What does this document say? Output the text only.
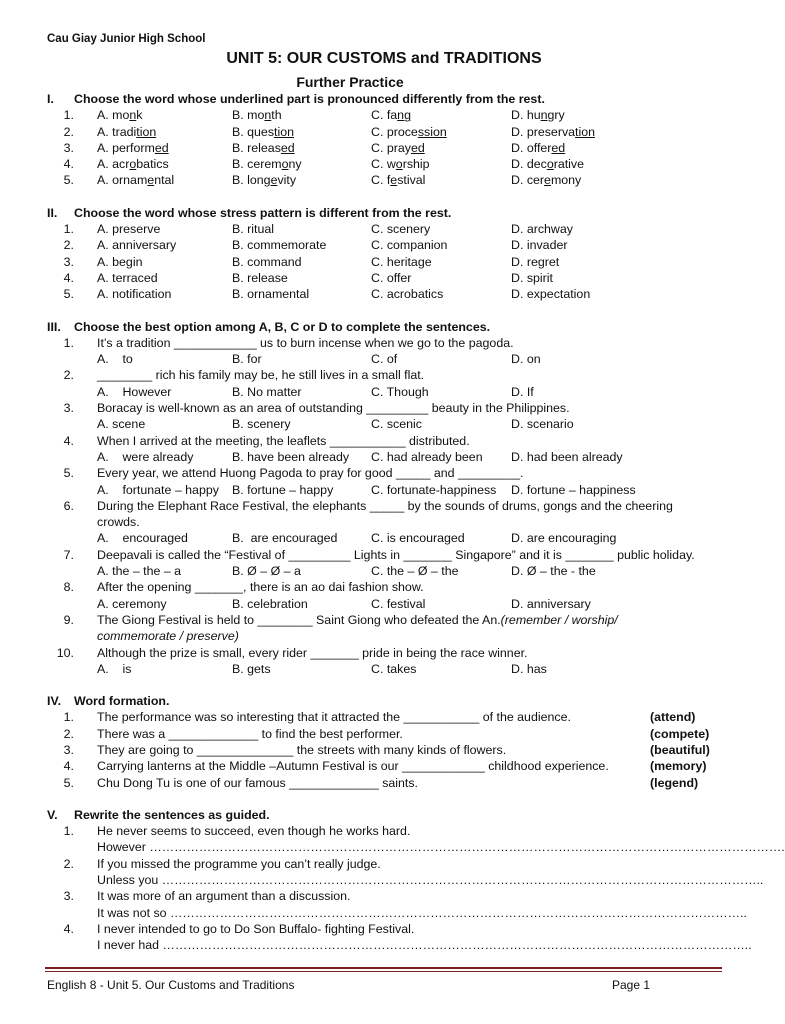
Cau Giay Junior High School
UNIT 5: OUR CUSTOMS and TRADITIONS
Further Practice
I.	Choose the word whose underlined part is pronounced differently from the rest.
1.	A. monk	B. month	C. fang	D. hungry
2.	A. tradition	B. question	C. procession	D. preservation
3.	A. performed	B. released	C. prayed	D. offered
4.	A. acrobatics	B. ceremony	C. worship	D. decorative
5.	A. ornamental	B. longevity	C. festival	D. ceremony
II.	Choose the word whose stress pattern is different from the rest.
1.	A. preserve	B. ritual	C. scenery	D. archway
2.	A. anniversary	B. commemorate	C. companion	D. invader
3.	A. begin	B. command	C. heritage	D. regret
4.	A. terraced	B. release	C. offer	D. spirit
5.	A. notification	B. ornamental	C. acrobatics	D. expectation
III.	Choose the best option among A, B, C or D to complete the sentences.
1.	It’s a tradition ____________ us to burn incense when we go to the pagoda.
A.    to	B. for	C. of	D. on
2.	________ rich his family may be, he still lives in a small flat.
A.    However	B. No matter	C. Though	D. If
3.	Boracay is well-known as an area of outstanding _________ beauty in the Philippines.
A. scene	B. scenery	C. scenic	D. scenario
4.	When I arrived at the meeting, the leaflets ___________ distributed.
A.    were already	B. have been already	C. had already been	D. had been already
5.	Every year, we attend Huong Pagoda to pray for good _____ and _________.
A.    fortunate – happy	B. fortune – happy	C. fortunate-happiness	D. fortune – happiness
6.	During the Elephant Race Festival, the elephants _____ by the sounds of drums, gongs and the cheering
crowds.
A.    encouraged	B.  are encouraged	C. is encouraged	D. are encouraging
7.	Deepavali is called the “Festival of _________ Lights in _______ Singapore” and it is _______ public holiday.
A. the – the – a	B. Ø – Ø – a	C. the – Ø – the	D. Ø – the - the
8.	After the opening _______, there is an ao dai fashion show.
A. ceremony	B. celebration	C. festival	D. anniversary
9.	The Giong Festival is held to ________ Saint Giong who defeated the An. (remember / worship/
commemorate / preserve)
10.	Although the prize is small, every rider _______ pride in being the race winner.
A.    is	B. gets	C. takes	D. has
IV.	Word formation.
1.	The performance was so interesting that it attracted the ___________ of the audience.	(attend)
2.	There was a _____________ to find the best performer.	(compete)
3.	They are going to ______________ the streets with many kinds of flowers.	(beautiful)
4.	Carrying lanterns at the Middle –Autumn Festival is our ____________ childhood experience.	(memory)
5.	Chu Dong Tu is one of our famous _____________ saints.	(legend)
V.	Rewrite the sentences as guided.
1.	He never seems to succeed, even though he works hard.
However ……………………………………………………………………………………………………………………………………….
2.	If you missed the programme you can’t really judge.
Unless you ………………………………………………………………………………………………………………………………..
3.	It was more of an argument than a discussion.
It was not so …………………………………………………………………………………………………………………………..
4.	I never intended to go to Do Son Buffalo- fighting Festival.
I never had ……………………………………………………………………………………………………………………………..
English 8 - Unit 5. Our Customs and Traditions	Page 1
